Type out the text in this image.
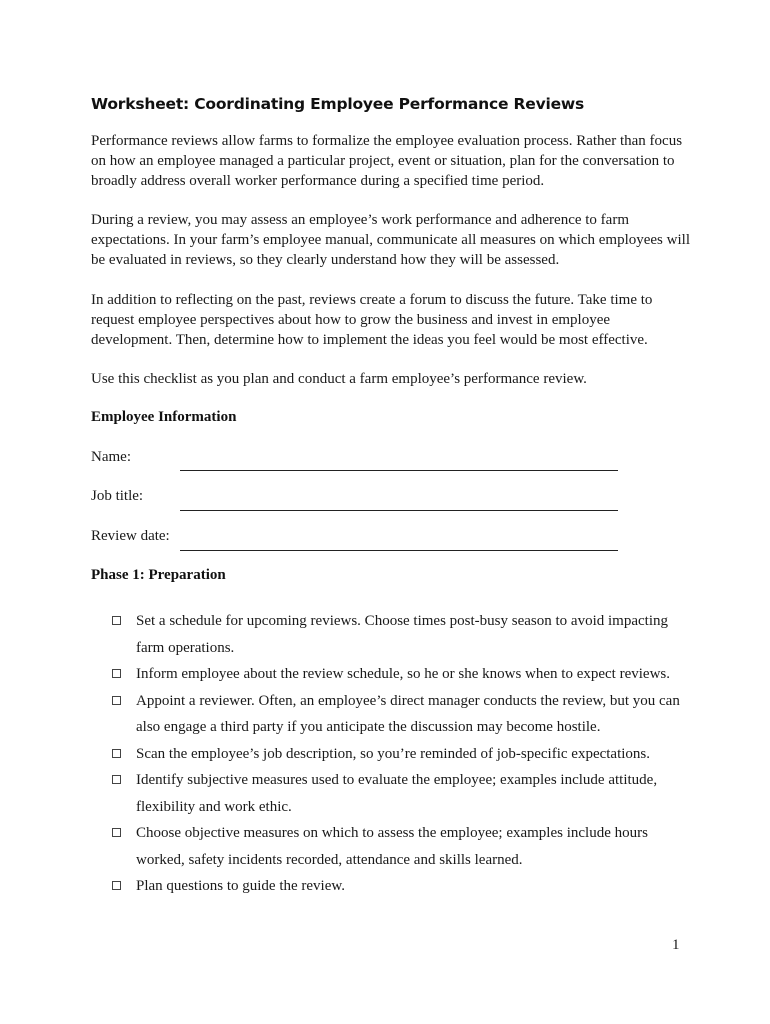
Worksheet: Coordinating Employee Performance Reviews

Performance reviews allow farms to formalize the employee evaluation process. Rather than focus on how an employee managed a particular project, event or situation, plan for the conversation to broadly address overall worker performance during a specified time period.

During a review, you may assess an employee’s work performance and adherence to farm expectations. In your farm’s employee manual, communicate all measures on which employees will be evaluated in reviews, so they clearly understand how they will be assessed.

In addition to reflecting on the past, reviews create a forum to discuss the future. Take time to request employee perspectives about how to grow the business and invest in employee development. Then, determine how to implement the ideas you feel would be most effective.

Use this checklist as you plan and conduct a farm employee’s performance review.

Employee Information
Name:
Job title:
Review date:
Phase 1: Preparation

Set a schedule for upcoming reviews. Choose times post-busy season to avoid impacting farm operations.

Inform employee about the review schedule, so he or she knows when to expect reviews.

Appoint a reviewer. Often, an employee’s direct manager conducts the review, but you can also engage a third party if you anticipate the discussion may become hostile.

Scan the employee’s job description, so you’re reminded of job-specific expectations.

Identify subjective measures used to evaluate the employee; examples include attitude, flexibility and work ethic.

Choose objective measures on which to assess the employee; examples include hours worked, safety incidents recorded, attendance and skills learned.

Plan questions to guide the review.

1
